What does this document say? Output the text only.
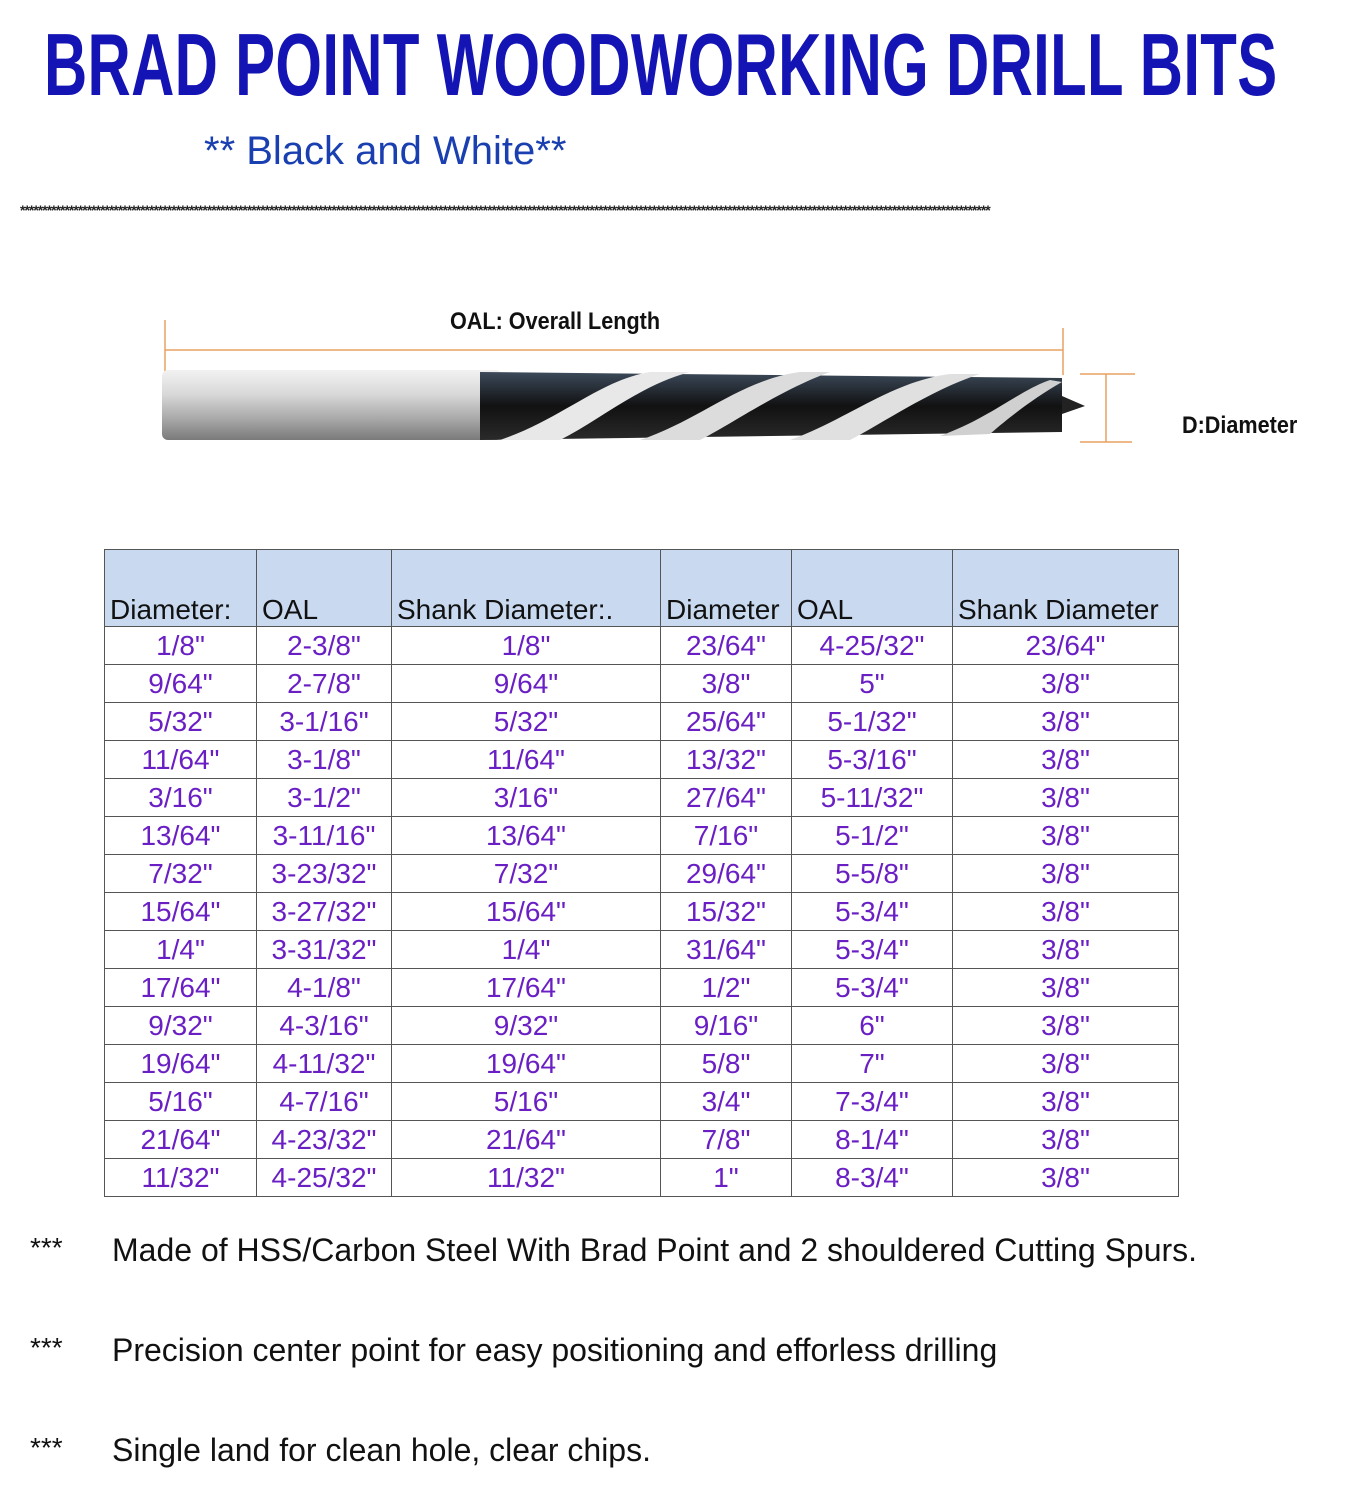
BRAD POINT WOODWORKING DRILL BITS
** Black and White**
**************************************************************************************************************************************************************************************************************************
OAL: Overall Length
D:Diameter
Diameter:	OAL	Shank Diameter:.	Diameter	OAL	Shank Diameter
1/8"	2-3/8"	1/8"	23/64"	4-25/32"	23/64"
9/64"	2-7/8"	9/64"	3/8"	5"	3/8"
5/32"	3-1/16"	5/32"	25/64"	5-1/32"	3/8"
11/64"	3-1/8"	11/64"	13/32"	5-3/16"	3/8"
3/16"	3-1/2"	3/16"	27/64"	5-11/32"	3/8"
13/64"	3-11/16"	13/64"	7/16"	5-1/2"	3/8"
7/32"	3-23/32"	7/32"	29/64"	5-5/8"	3/8"
15/64"	3-27/32"	15/64"	15/32"	5-3/4"	3/8"
1/4"	3-31/32"	1/4"	31/64"	5-3/4"	3/8"
17/64"	4-1/8"	17/64"	1/2"	5-3/4"	3/8"
9/32"	4-3/16"	9/32"	9/16"	6"	3/8"
19/64"	4-11/32"	19/64"	5/8"	7"	3/8"
5/16"	4-7/16"	5/16"	3/4"	7-3/4"	3/8"
21/64"	4-23/32"	21/64"	7/8"	8-1/4"	3/8"
11/32"	4-25/32"	11/32"	1"	8-3/4"	3/8"
*** Made of HSS/Carbon Steel With Brad Point and 2 shouldered Cutting Spurs.
*** Precision center point for easy positioning and efforless drilling
*** Single land for clean hole, clear chips.
